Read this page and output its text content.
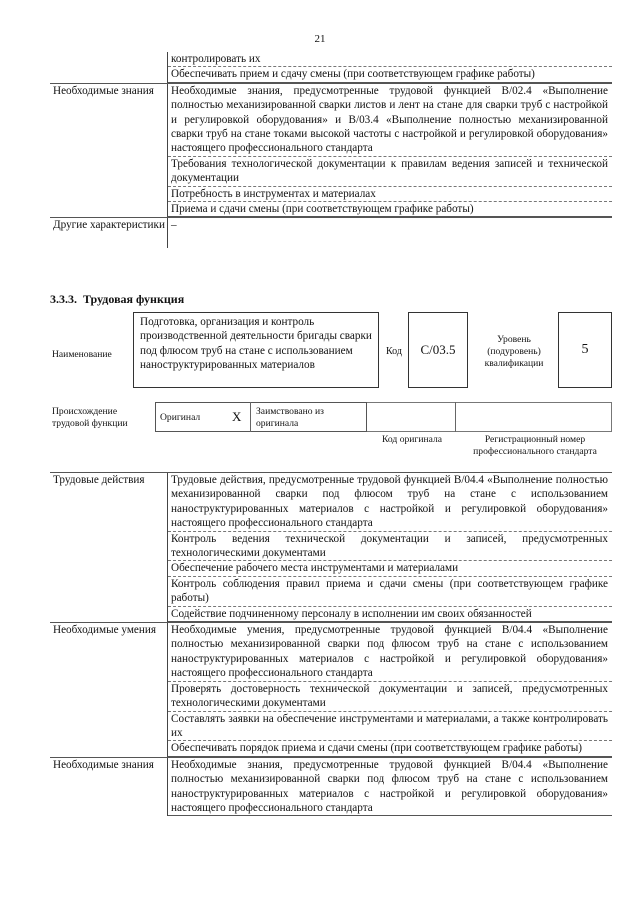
21
контролировать их
Обеспечивать прием и сдачу смены (при соответствующем графике работы)
Необходимые знания	Необходимые знания, предусмотренные трудовой функцией B/02.4 «Выполнение полностью механизированной сварки листов и лент на стане для сварки труб с настройкой и регулировкой оборудования» и B/03.4 «Выполнение полностью механизированной сварки труб на стане токами высокой частоты с настройкой и регулировкой оборудования» настоящего профессионального стандарта
Требования технологической документации к правилам ведения записей и технической документации
Потребность в инструментах и материалах
Приема и сдачи смены (при соответствующем графике работы)
Другие характеристики –
3.3.3. Трудовая функция
Наименование
Подготовка, организация и контроль производственной деятельности бригады сварки под флюсом труб на стане с использованием наноструктурированных материалов
Код C/03.5
Уровень (подуровень) квалификации
5
Происхождение трудовой функции
Оригинал X Заимствовано из оригинала
Код оригинала	Регистрационный номер профессионального стандарта
Трудовые действия	Трудовые действия, предусмотренные трудовой функцией B/04.4 «Выполнение полностью механизированной сварки под флюсом труб на стане с использованием наноструктурированных материалов с настройкой и регулировкой оборудования» настоящего профессионального стандарта
Контроль ведения технической документации и записей, предусмотренных технологическими документами
Обеспечение рабочего места инструментами и материалами
Контроль соблюдения правил приема и сдачи смены (при соответствующем графике работы)
Содействие подчиненному персоналу в исполнении им своих обязанностей
Необходимые умения	Необходимые умения, предусмотренные трудовой функцией B/04.4 «Выполнение полностью механизированной сварки под флюсом труб на стане с использованием наноструктурированных материалов с настройкой и регулировкой оборудования» настоящего профессионального стандарта
Проверять достоверность технической документации и записей, предусмотренных технологическими документами
Составлять заявки на обеспечение инструментами и материалами, а также контролировать их
Обеспечивать порядок приема и сдачи смены (при соответствующем графике работы)
Необходимые знания	Необходимые знания, предусмотренные трудовой функцией B/04.4 «Выполнение полностью механизированной сварки под флюсом труб на стане с использованием наноструктурированных материалов с настройкой и регулировкой оборудования» настоящего профессионального стандарта
